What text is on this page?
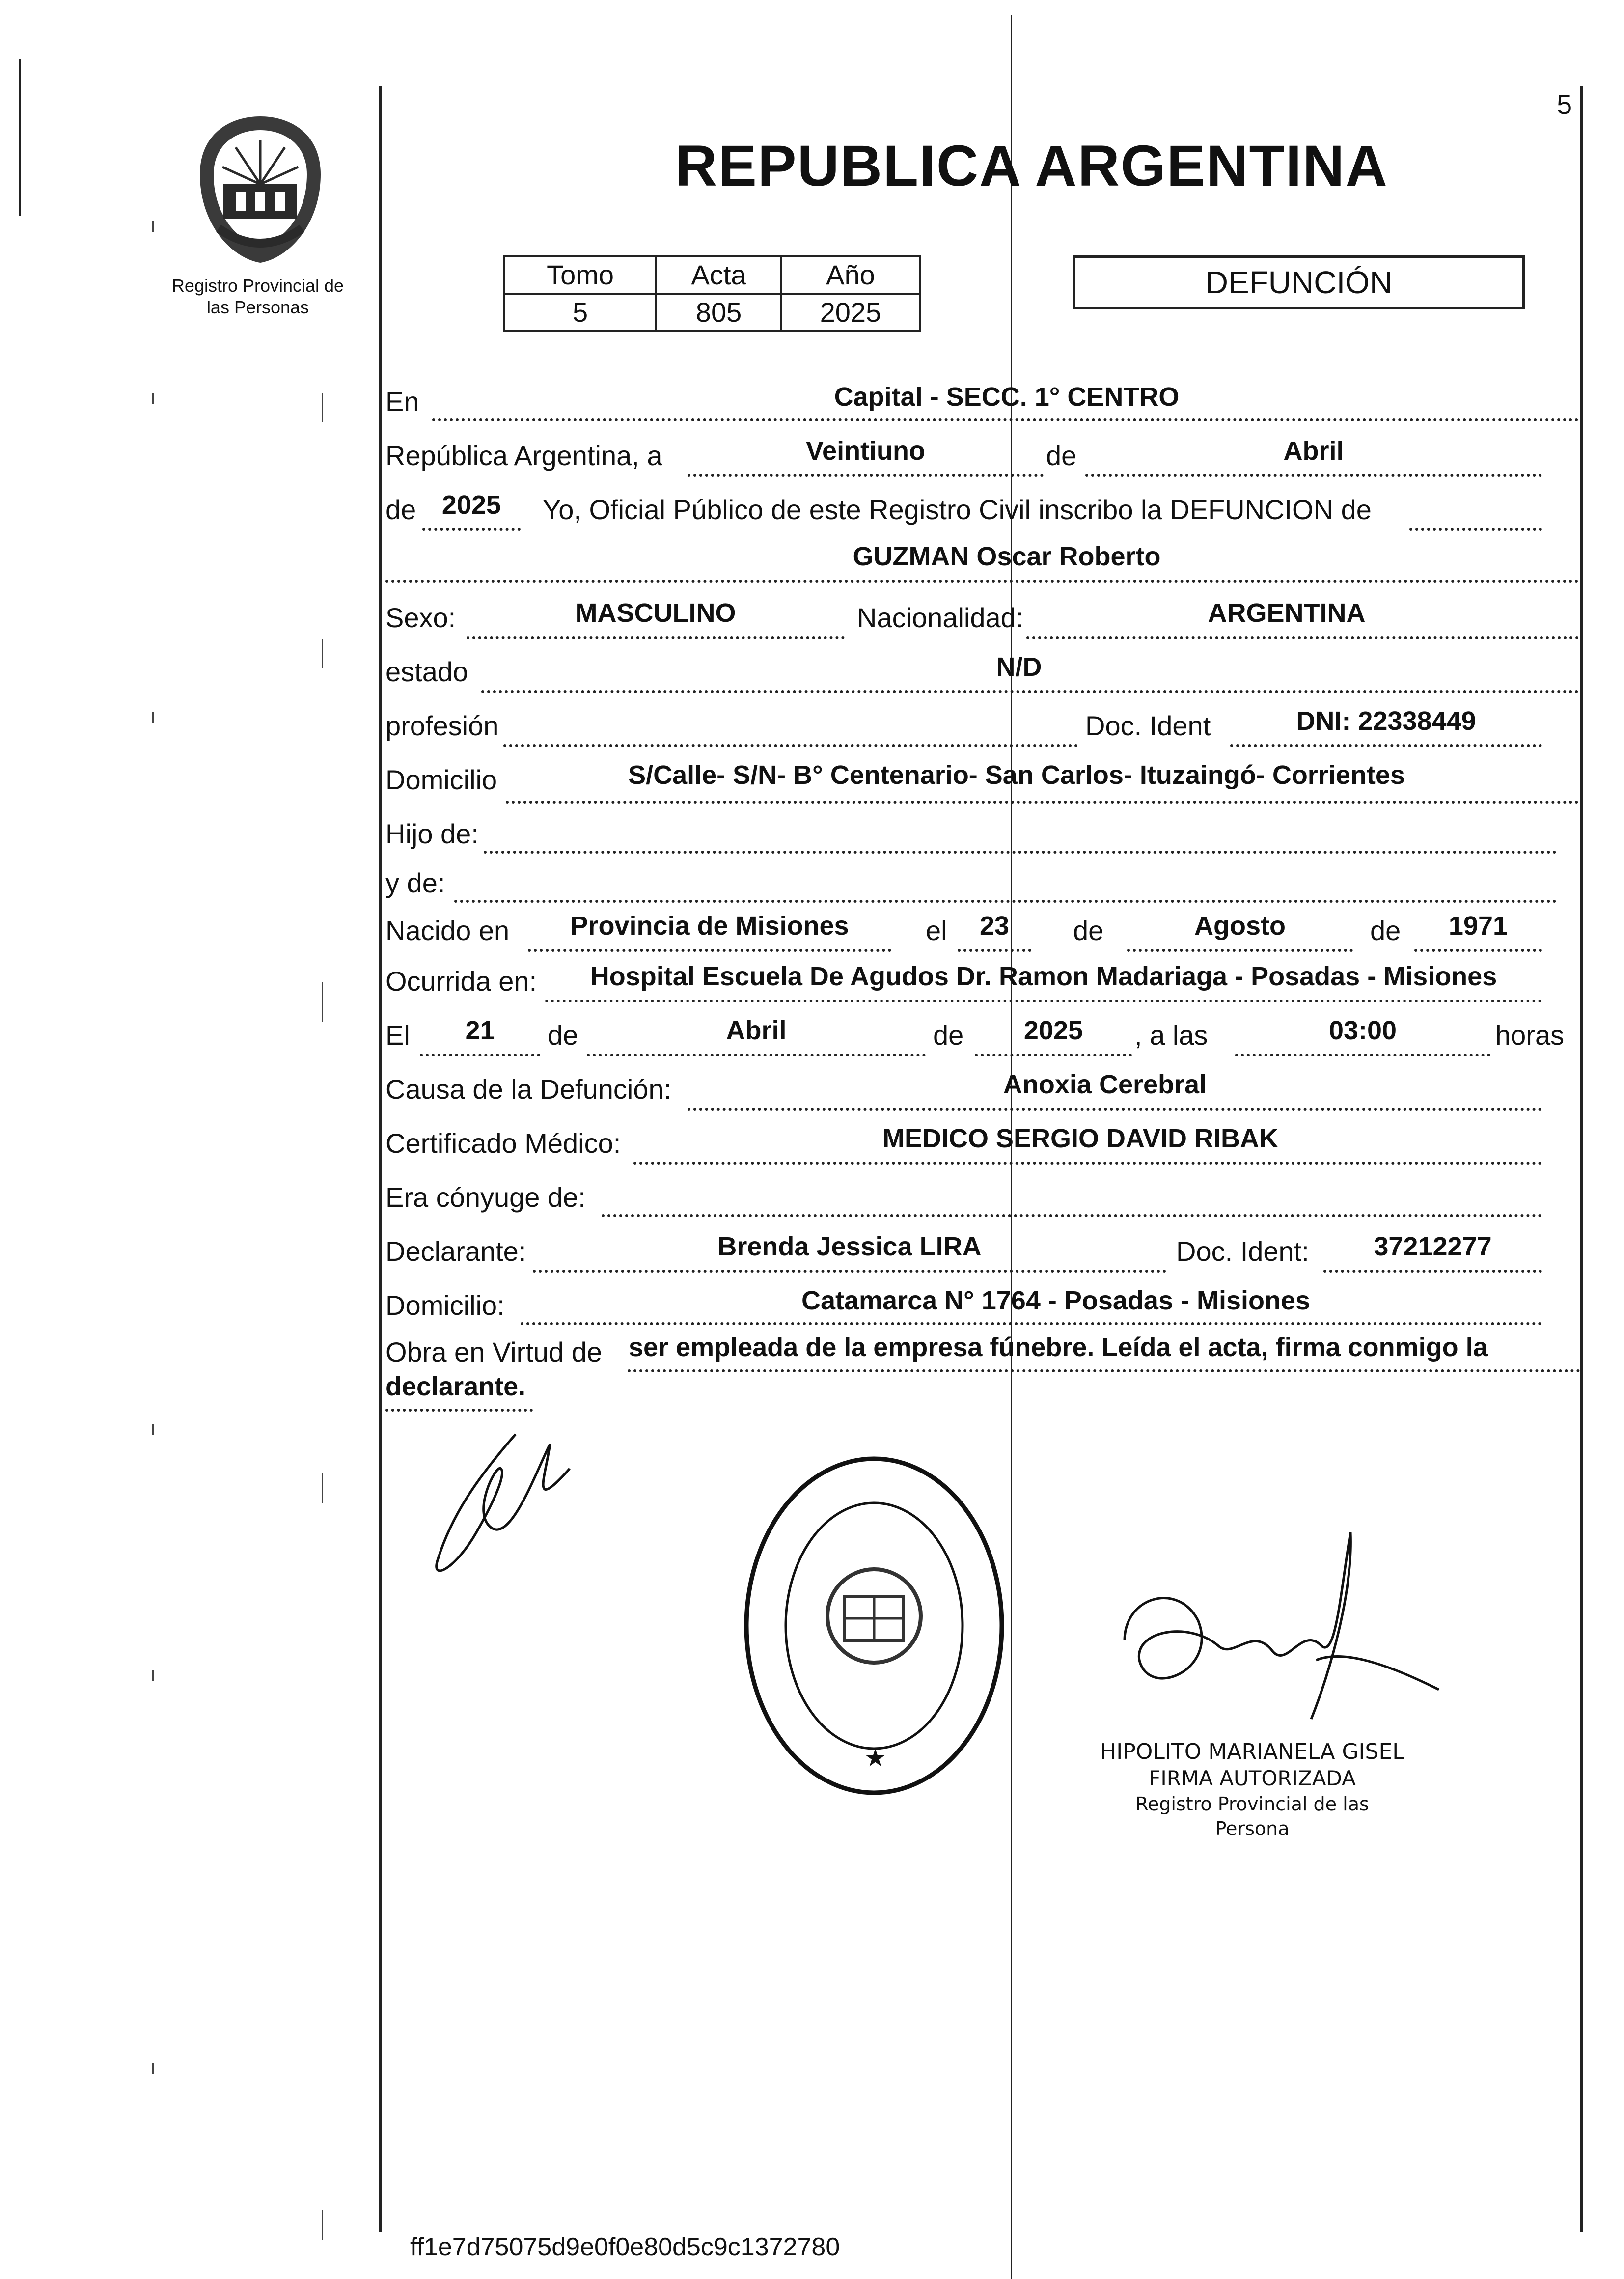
5
Registro Provincial de
las Personas
REPUBLICA ARGENTINA
Tomo	Acta	Año
5	805	2025
DEFUNCIÓN
En	Capital - SECC. 1° CENTRO
República Argentina, a	Veintiuno	de	Abril
de 2025	Yo, Oficial Público de este Registro Civil inscribo la DEFUNCION de
GUZMAN Oscar Roberto
Sexo:	MASCULINO	Nacionalidad:	ARGENTINA
estado	N/D
profesión	Doc. Ident	DNI: 22338449
Domicilio	S/Calle- S/N- B° Centenario- San Carlos- Ituzaingó- Corrientes
Hijo de:
y de:
Nacido en	Provincia de Misiones	el	23	de	Agosto	de	1971
Ocurrida en:	Hospital Escuela De Agudos Dr. Ramon Madariaga - Posadas - Misiones
El	21	de	Abril	de	2025	, a las	03:00	horas
Causa de la Defunción:	Anoxia Cerebral
Certificado Médico:	MEDICO SERGIO DAVID RIBAK
Era cónyuge de:
Declarante:	Brenda Jessica LIRA	Doc. Ident:	37212277
Domicilio:	Catamarca N° 1764 - Posadas - Misiones
Obra en Virtud de ser empleada de la empresa fúnebre. Leída el acta, firma conmigo la
declarante.
★	HIPOLITO MARIANELA GISEL
FIRMA AUTORIZADA
Registro Provincial de las Persona
ff1e7d75075d9e0f0e80d5c9c1372780
